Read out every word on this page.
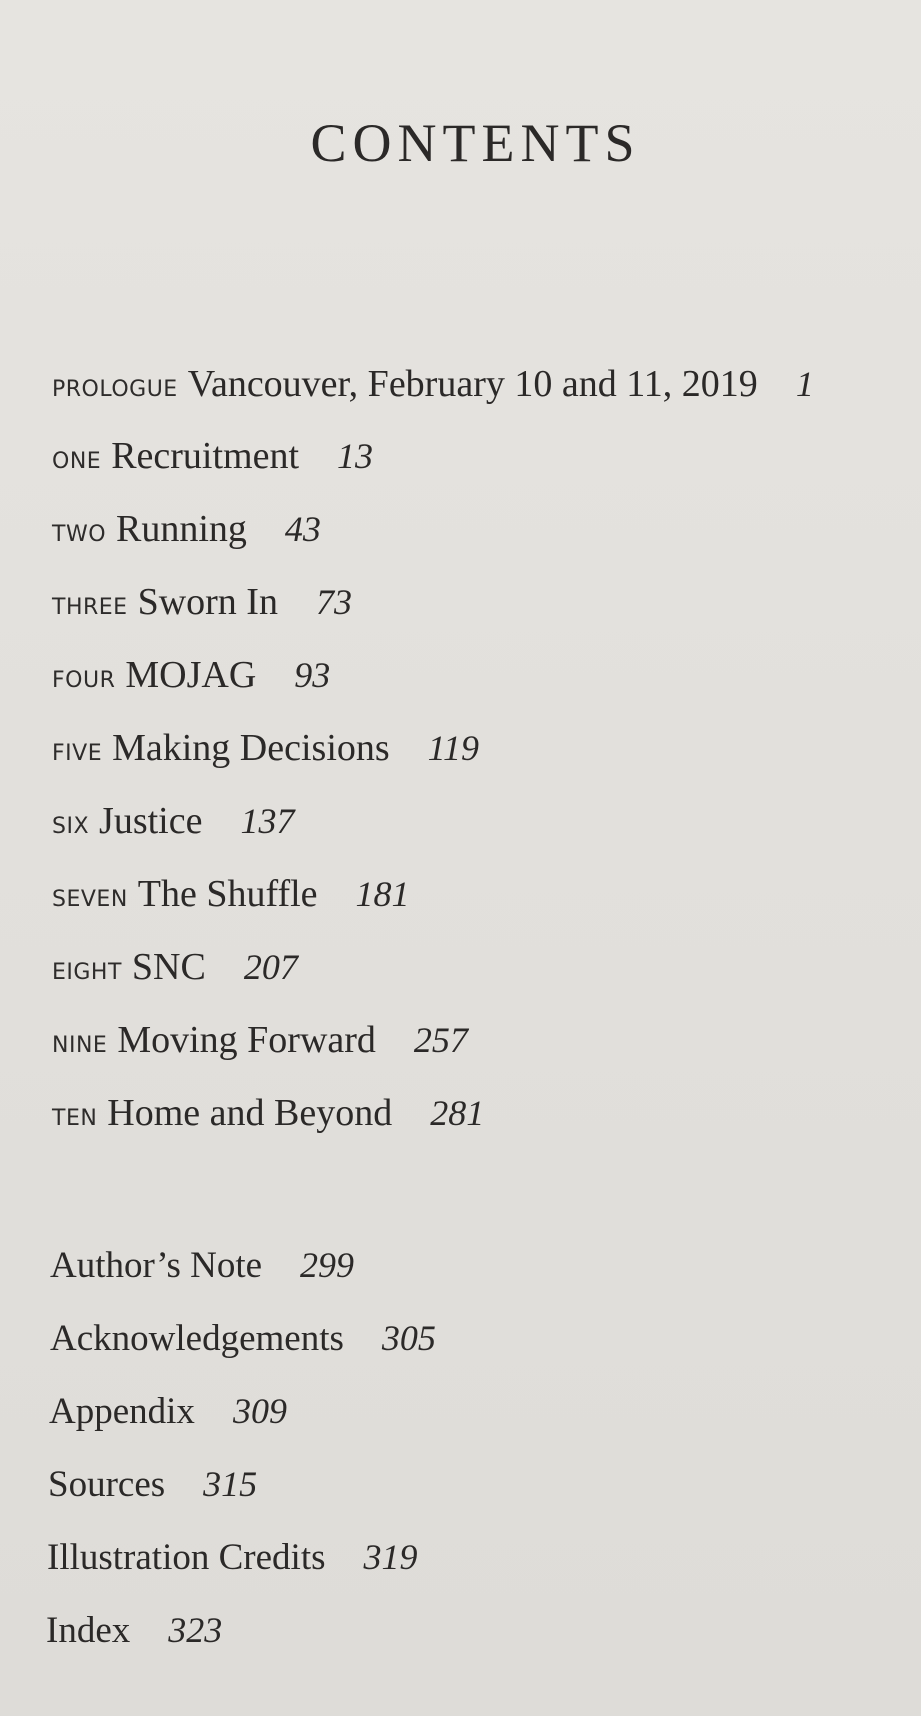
CONTENTS
PROLOGUE Vancouver, February 10 and 11, 2019 1
ONE Recruitment 13
TWO Running 43
THREE Sworn In 73
FOUR MOJAG 93
FIVE Making Decisions 119
SIX Justice 137
SEVEN The Shuffle 181
EIGHT SNC 207
NINE Moving Forward 257
TEN Home and Beyond 281
Author’s Note 299
Acknowledgements 305
Appendix 309
Sources 315
Illustration Credits 319
Index 323
